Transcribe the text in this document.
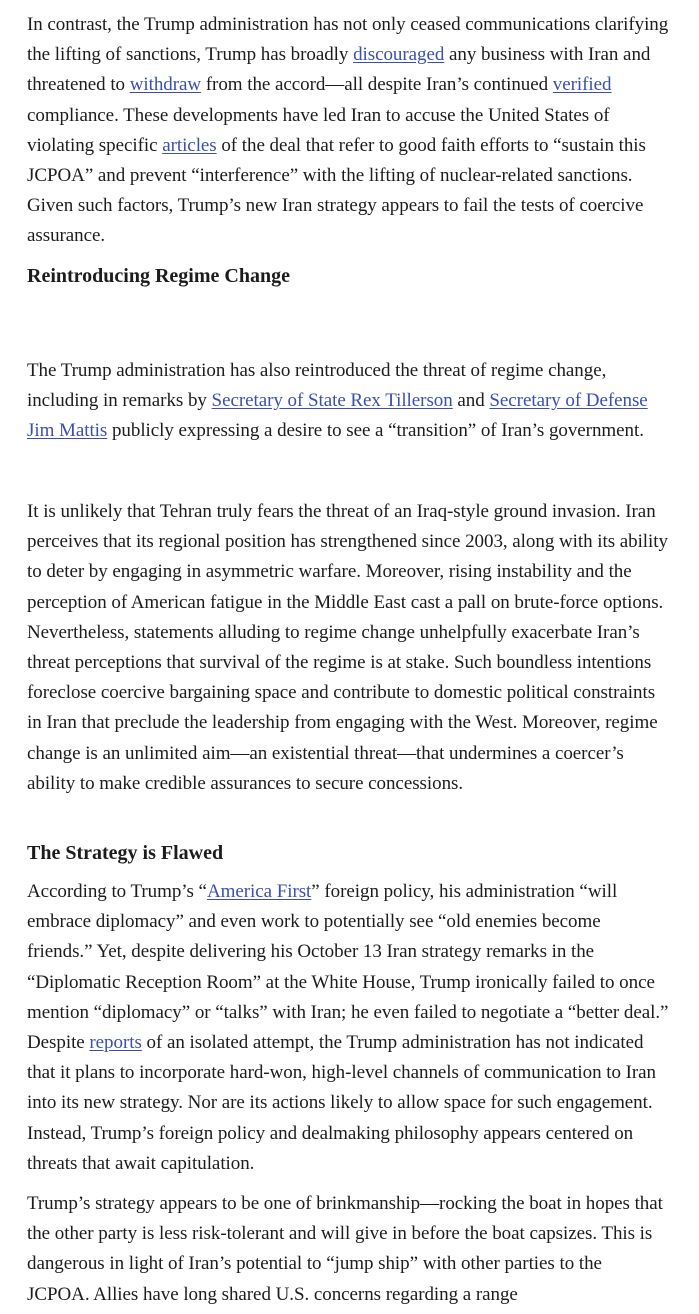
In contrast, the Trump administration has not only ceased communications clarifying the lifting of sanctions, Trump has broadly discouraged any business with Iran and threatened to withdraw from the accord—all despite Iran’s continued verified compliance. These developments have led Iran to accuse the United States of violating specific articles of the deal that refer to good faith efforts to “sustain this JCPOA” and prevent “interference” with the lifting of nuclear-related sanctions. Given such factors, Trump’s new Iran strategy appears to fail the tests of coercive assurance.

Reintroducing Regime Change

The Trump administration has also reintroduced the threat of regime change, including in remarks by Secretary of State Rex Tillerson and Secretary of Defense Jim Mattis publicly expressing a desire to see a “transition” of Iran’s government.

It is unlikely that Tehran truly fears the threat of an Iraq-style ground invasion. Iran perceives that its regional position has strengthened since 2003, along with its ability to deter by engaging in asymmetric warfare. Moreover, rising instability and the perception of American fatigue in the Middle East cast a pall on brute-force options. Nevertheless, statements alluding to regime change unhelpfully exacerbate Iran’s threat perceptions that survival of the regime is at stake. Such boundless intentions foreclose coercive bargaining space and contribute to domestic political constraints in Iran that preclude the leadership from engaging with the West. Moreover, regime change is an unlimited aim—an existential threat—that undermines a coercer’s ability to make credible assurances to secure concessions.

The Strategy is Flawed

According to Trump’s “America First” foreign policy, his administration “will embrace diplomacy” and even work to potentially see “old enemies become friends.” Yet, despite delivering his October 13 Iran strategy remarks in the “Diplomatic Reception Room” at the White House, Trump ironically failed to once mention “diplomacy” or “talks” with Iran; he even failed to negotiate a “better deal.” Despite reports of an isolated attempt, the Trump administration has not indicated that it plans to incorporate hard-won, high-level channels of communication to Iran into its new strategy. Nor are its actions likely to allow space for such engagement. Instead, Trump’s foreign policy and dealmaking philosophy appears centered on threats that await capitulation.

Trump’s strategy appears to be one of brinkmanship—rocking the boat in hopes that the other party is less risk-tolerant and will give in before the boat capsizes. This is dangerous in light of Iran’s potential to “jump ship” with other parties to the JCPOA. Allies have long shared U.S. concerns regarding a range
